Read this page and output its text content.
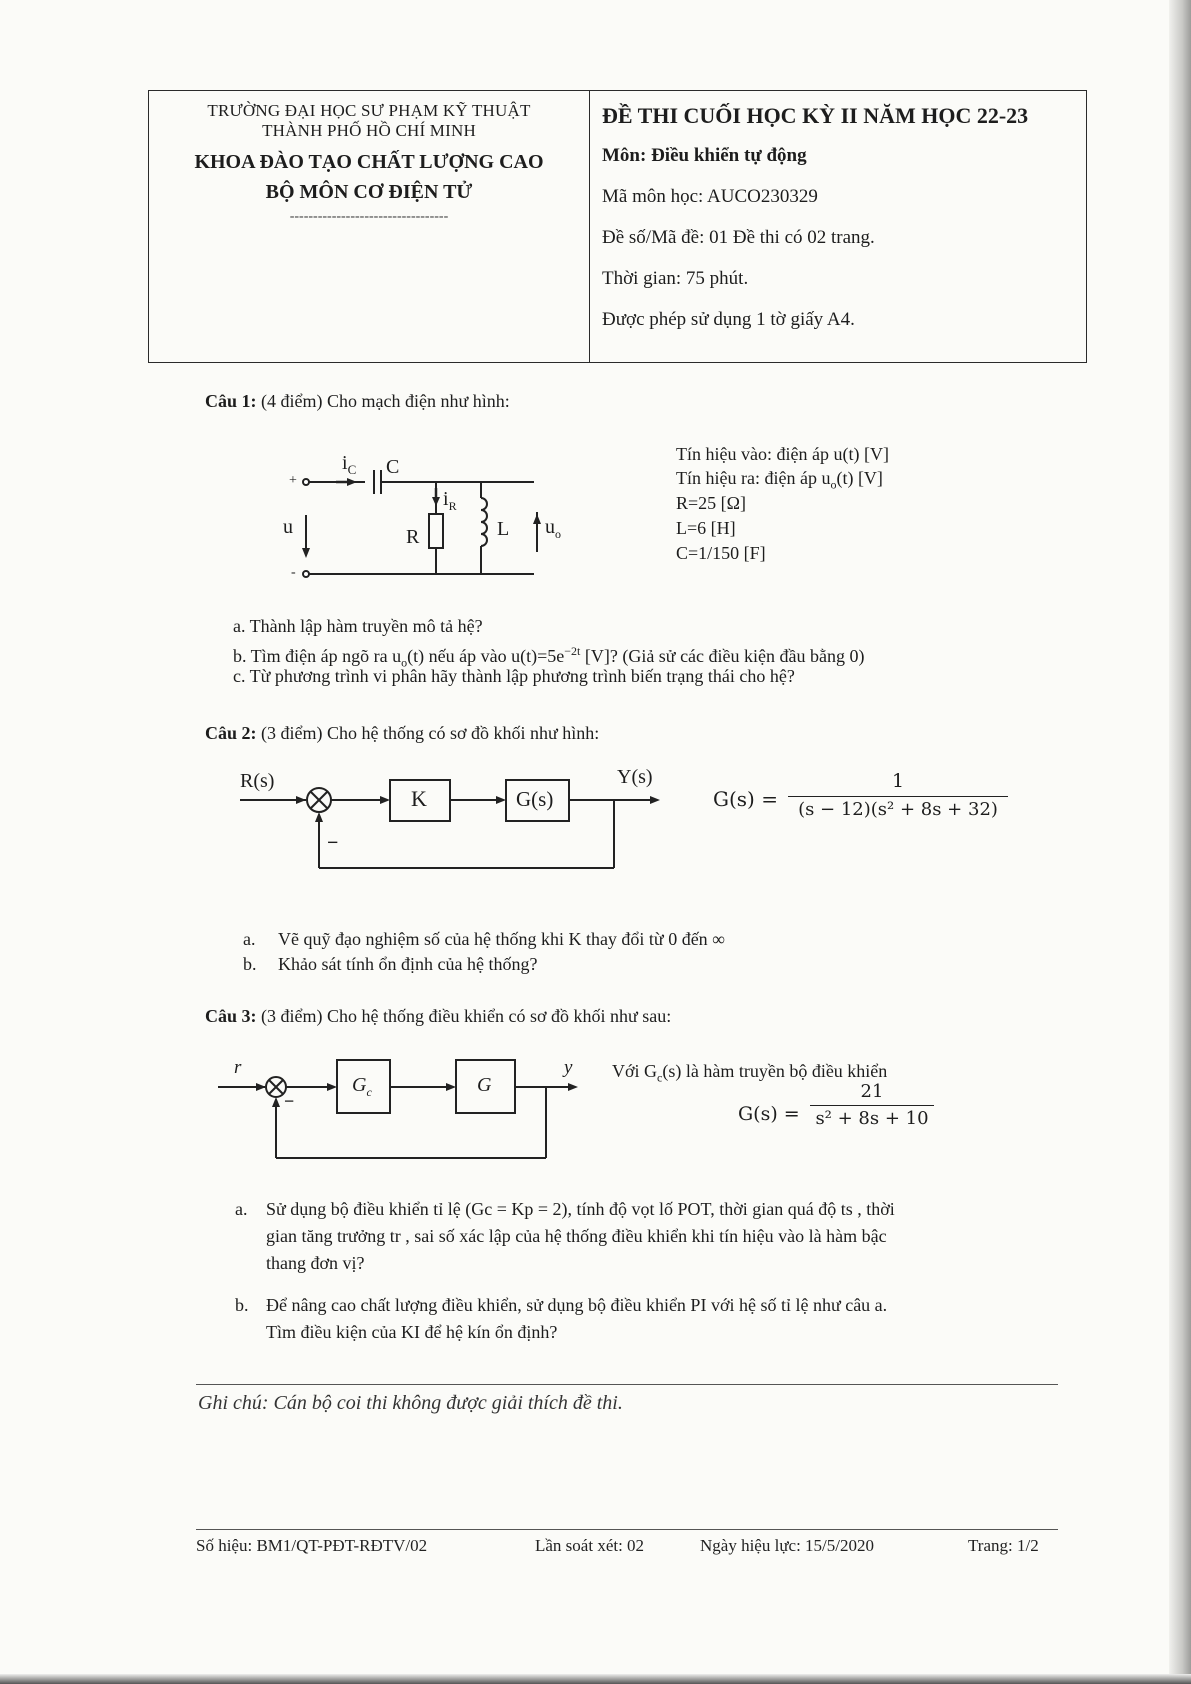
TRƯỜNG ĐẠI HỌC SƯ PHẠM KỸ THUẬT
THÀNH PHỐ HỒ CHÍ MINH
KHOA ĐÀO TẠO CHẤT LƯỢNG CAO
BỘ MÔN CƠ ĐIỆN TỬ
----------------------------------
ĐỀ THI CUỐI HỌC KỲ II NĂM HỌC 22-23
Môn: Điều khiển tự động
Mã môn học: AUCO230329
Đề số/Mã đề: 01 Đề thi có 02 trang.
Thời gian: 75 phút.
Được phép sử dụng 1 tờ giấy A4.
Câu 1: (4 điểm) Cho mạch điện như hình:
$i_C$ C
$i_R$
R	L
u	$u_o$
+
-
Tín hiệu vào: điện áp u(t) [V]
Tín hiệu ra: điện áp $u_o(t)$ [V]
R=25 [Ω]
L=6 [H]
C=1/150 [F]
a. Thành lập hàm truyền mô tả hệ?
b. Tìm điện áp ngõ ra $u_o(t)$ nếu áp vào $u(t)=5e^{-2t}$ [V]? (Giả sử các điều kiện đầu bằng 0)
c. Từ phương trình vi phân hãy thành lập phương trình biến trạng thái cho hệ?
Câu 2: (3 điểm) Cho hệ thống có sơ đồ khối như hình:
R(s)	Y(s)
K	G(s)
−
G(s) =
1
(s − 12)(s² + 8s + 32)
a. Vẽ quỹ đạo nghiệm số của hệ thống khi K thay đổi từ 0 đến ∞
b. Khảo sát tính ổn định của hệ thống?
Câu 3: (3 điểm) Cho hệ thống điều khiển có sơ đồ khối như sau:
r	y
$G_c$	G
−
Với $G_c(s)$ là hàm truyền bộ điều khiển
G(s) =
21
s² + 8s + 10
a. Sử dụng bộ điều khiển tỉ lệ (Gc = Kp = 2), tính độ vọt lố POT, thời gian quá độ ts , thời
gian tăng trưởng tr , sai số xác lập của hệ thống điều khiển khi tín hiệu vào là hàm bậc
thang đơn vị?
b. Để nâng cao chất lượng điều khiển, sử dụng bộ điều khiển PI với hệ số tỉ lệ như câu a.
Tìm điều kiện của KI để hệ kín ổn định?
Ghi chú: Cán bộ coi thi không được giải thích đề thi.
Số hiệu: BM1/QT-PĐT-RĐTV/02	Lần soát xét: 02	Ngày hiệu lực: 15/5/2020	Trang: 1/2
